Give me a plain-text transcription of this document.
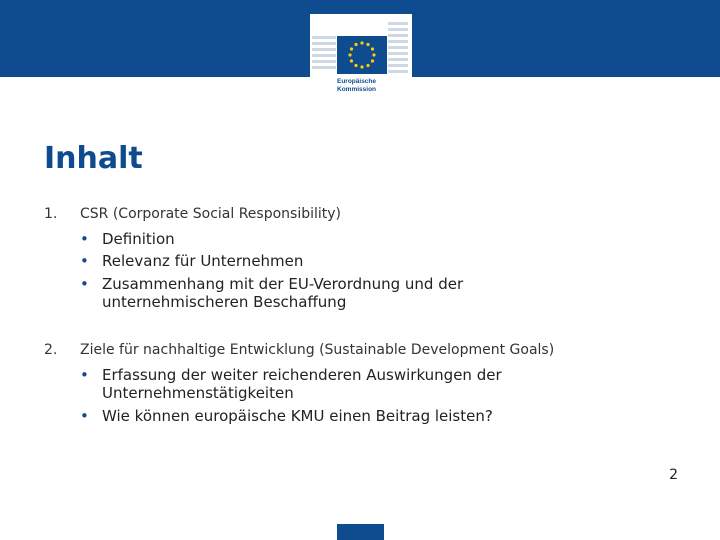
Europäische Kommission
Inhalt
1. CSR (Corporate Social Responsibility)
• Definition
• Relevanz für Unternehmen
• Zusammenhang mit der EU-Verordnung und der unternehmischeren Beschaffung
2. Ziele für nachhaltige Entwicklung (Sustainable Development Goals)
• Erfassung der weiter reichenderen Auswirkungen der Unternehmenstätigkeiten
• Wie können europäische KMU einen Beitrag leisten?
2
